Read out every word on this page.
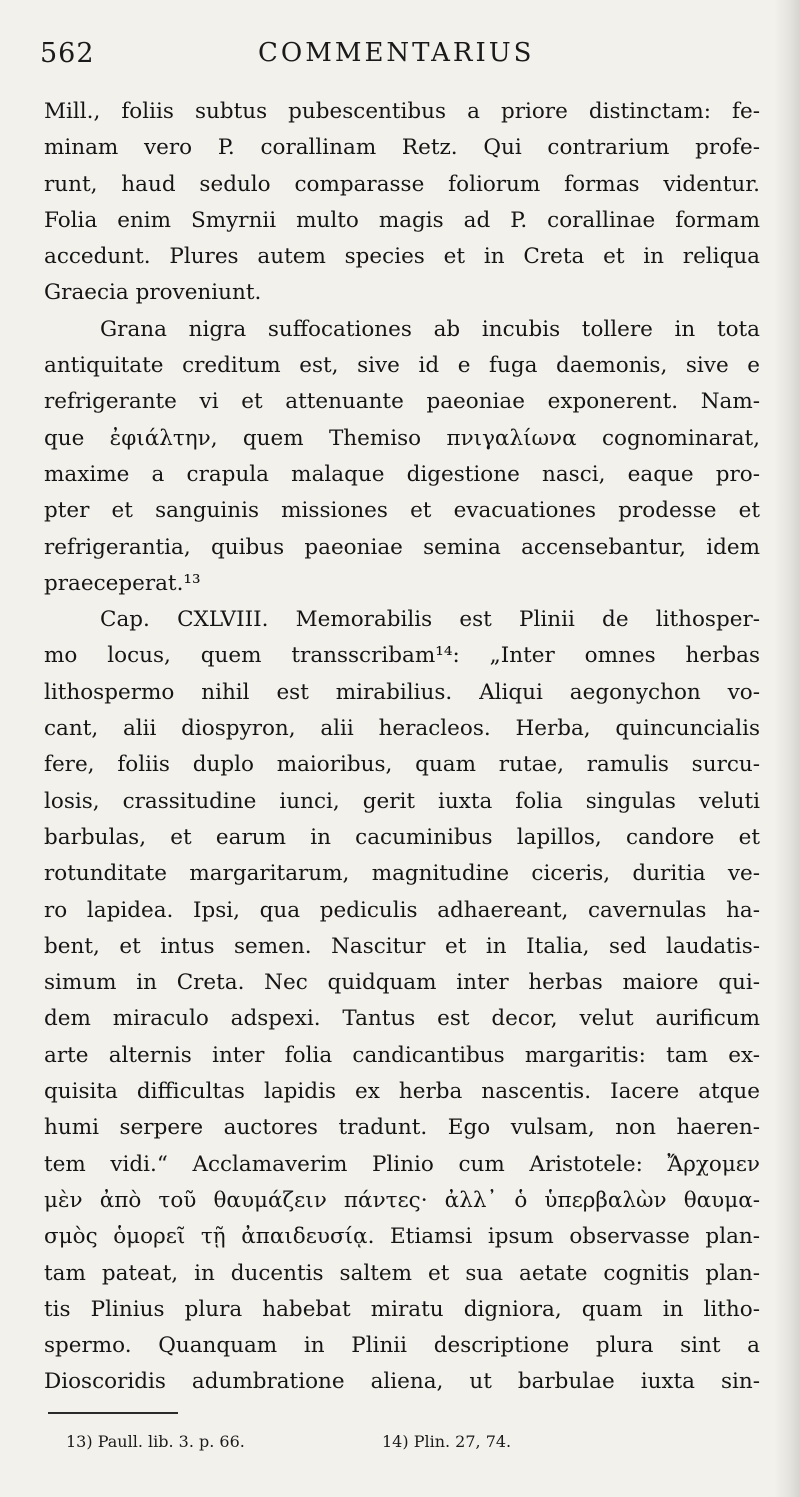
562	COMMENTARIUS
Mill., foliis subtus pubescentibus a priore distinctam: fe-
minam vero P. corallinam Retz. Qui contrarium profe-
runt, haud sedulo comparasse foliorum formas videntur.
Folia enim Smyrnii multo magis ad P. corallinae formam
accedunt. Plures autem species et in Creta et in reliqua
Graecia proveniunt.
Grana nigra suffocationes ab incubis tollere in tota
antiquitate creditum est, sive id e fuga daemonis, sive e
refrigerante vi et attenuante paeoniae exponerent. Nam-
que ἐφιάλτην, quem Themiso πνιγαλίωνα cognominarat,
maxime a crapula malaque digestione nasci, eaque pro-
pter et sanguinis missiones et evacuationes prodesse et
refrigerantia, quibus paeoniae semina accensebantur, idem
praeceperat.¹³
Cap. CXLVIII. Memorabilis est Plinii de lithosper-
mo locus, quem transscribam¹⁴: „Inter omnes herbas
lithospermo nihil est mirabilius. Aliqui aegonychon vo-
cant, alii diospyron, alii heracleos. Herba, quincuncialis
fere, foliis duplo maioribus, quam rutae, ramulis surcu-
losis, crassitudine iunci, gerit iuxta folia singulas veluti
barbulas, et earum in cacuminibus lapillos, candore et
rotunditate margaritarum, magnitudine ciceris, duritia ve-
ro lapidea. Ipsi, qua pediculis adhaereant, cavernulas ha-
bent, et intus semen. Nascitur et in Italia, sed laudatis-
simum in Creta. Nec quidquam inter herbas maiore qui-
dem miraculo adspexi. Tantus est decor, velut aurificum
arte alternis inter folia candicantibus margaritis: tam ex-
quisita difficultas lapidis ex herba nascentis. Iacere atque
humi serpere auctores tradunt. Ego vulsam, non haeren-
tem vidi.“ Acclamaverim Plinio cum Aristotele: Ἄρχομεν
μὲν ἀπὸ τοῦ θαυμάζειν πάντες· ἀλλ᾽ ὁ ὑπερβαλὼν θαυμα-
σμὸς ὁμορεῖ τῇ ἀπαιδευσίᾳ. Etiamsi ipsum observasse plan-
tam pateat, in ducentis saltem et sua aetate cognitis plan-
tis Plinius plura habebat miratu digniora, quam in litho-
spermo. Quanquam in Plinii descriptione plura sint a
Dioscoridis adumbratione aliena, ut barbulae iuxta sin-
13) Paull. lib. 3. p. 66.	14) Plin. 27, 74.
